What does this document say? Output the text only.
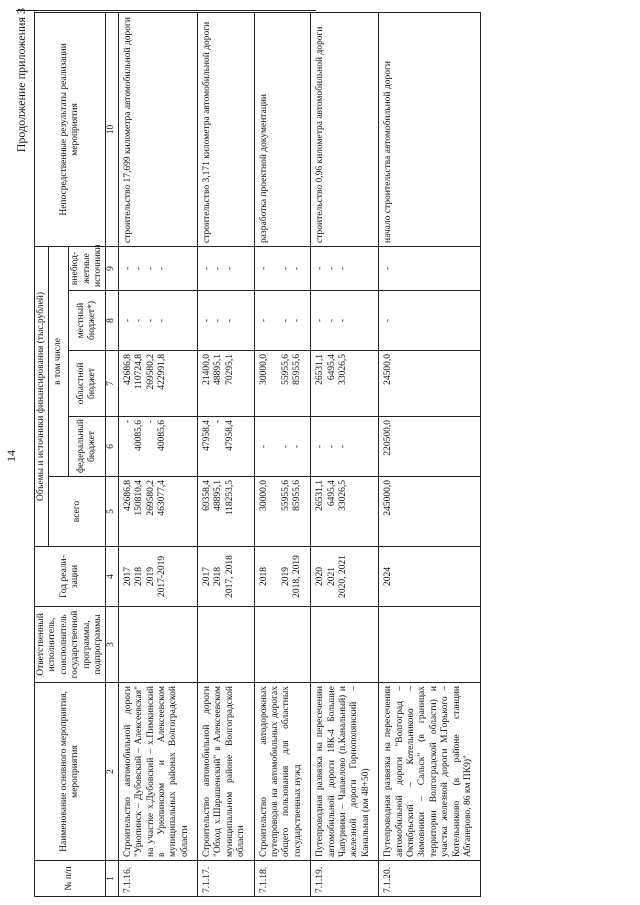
14
Продолжение приложения 3
№ п/п	Наименование основного мероприятия, мероприятия	Ответственный исполнитель, соисполнитель государственной программы, подпрограммы	Год реали-зации	Объемы и источники финансирования (тыс.рублей)					Непосредственные результаты реализации мероприятия
				всего	в том числе				
					федеральный бюджет	областной бюджет	местный бюджет*)	внебюд-жетные источники	
1	2	3	4	5	6	7	8	9	10
7.1.16.	Строительство автомобильной дороги "Урюпинск – Дубовский – Алексеевская" на участке х.Дубовский – х.Пимкинский в Урюпинском и Алексеевском муниципальных районах Волгоградской области		2017 2018 2019 2017-2019	42686,8 150810,4 269580,2 463077,4	- 40085,6 - 40085,6	42686,8 110724,8 269580,2 422991,8	- - - -	- - - -	строительство 17,699 километра автомобильной дороги
7.1.17.	Строительство автомобильной дороги "Обход х.Шарашенский" в Алексеевском муниципальном районе Волгоградской области		2017 2018 2017, 2018	69358,4 48895,1 118253,5	47958,4 - 47958,4	21400,0 48895,1 70295,1	- - -	- - -	строительство 3,171 километра автомобильной дороги
7.1.18.	Строительство автодорожных путепроводов на автомобильных дорогах общего пользования для областных государственных нужд		2018 2019 2018, 2019	30000,0 55955,6 85955,6	- - -	30000,0 55955,6 85955,6	- - -	- - -	разработка проектной документации
7.1.19.	Путепроводная развязка на пересечении автомобильной дороги 18К-4 Большие Чапурники – Чапаелово (п.Канальный) и железной дороги Горнополянский – Канальная (км 48+50)		2020 2021 2020, 2021	26531,1 6495,4 33026,5	- - -	26531,1 6495,4 33026,5	- - -	- - -	строительство 0,96 километра автомобильной дороги
7.1.20.	Путепроводная развязка на пересечении автомобильной дороги "Волгоград – Октябрьский – Котельниково – Зимовники – Сальск" (в границах территории Волгоградской области) и участка железной дороги М.Горького – Котельниково (в районе станции Абганерово, 86 км ПК9)"		2024	245000,0	220500,0	24500,0	-	-	начало строительства автомобильной дороги
